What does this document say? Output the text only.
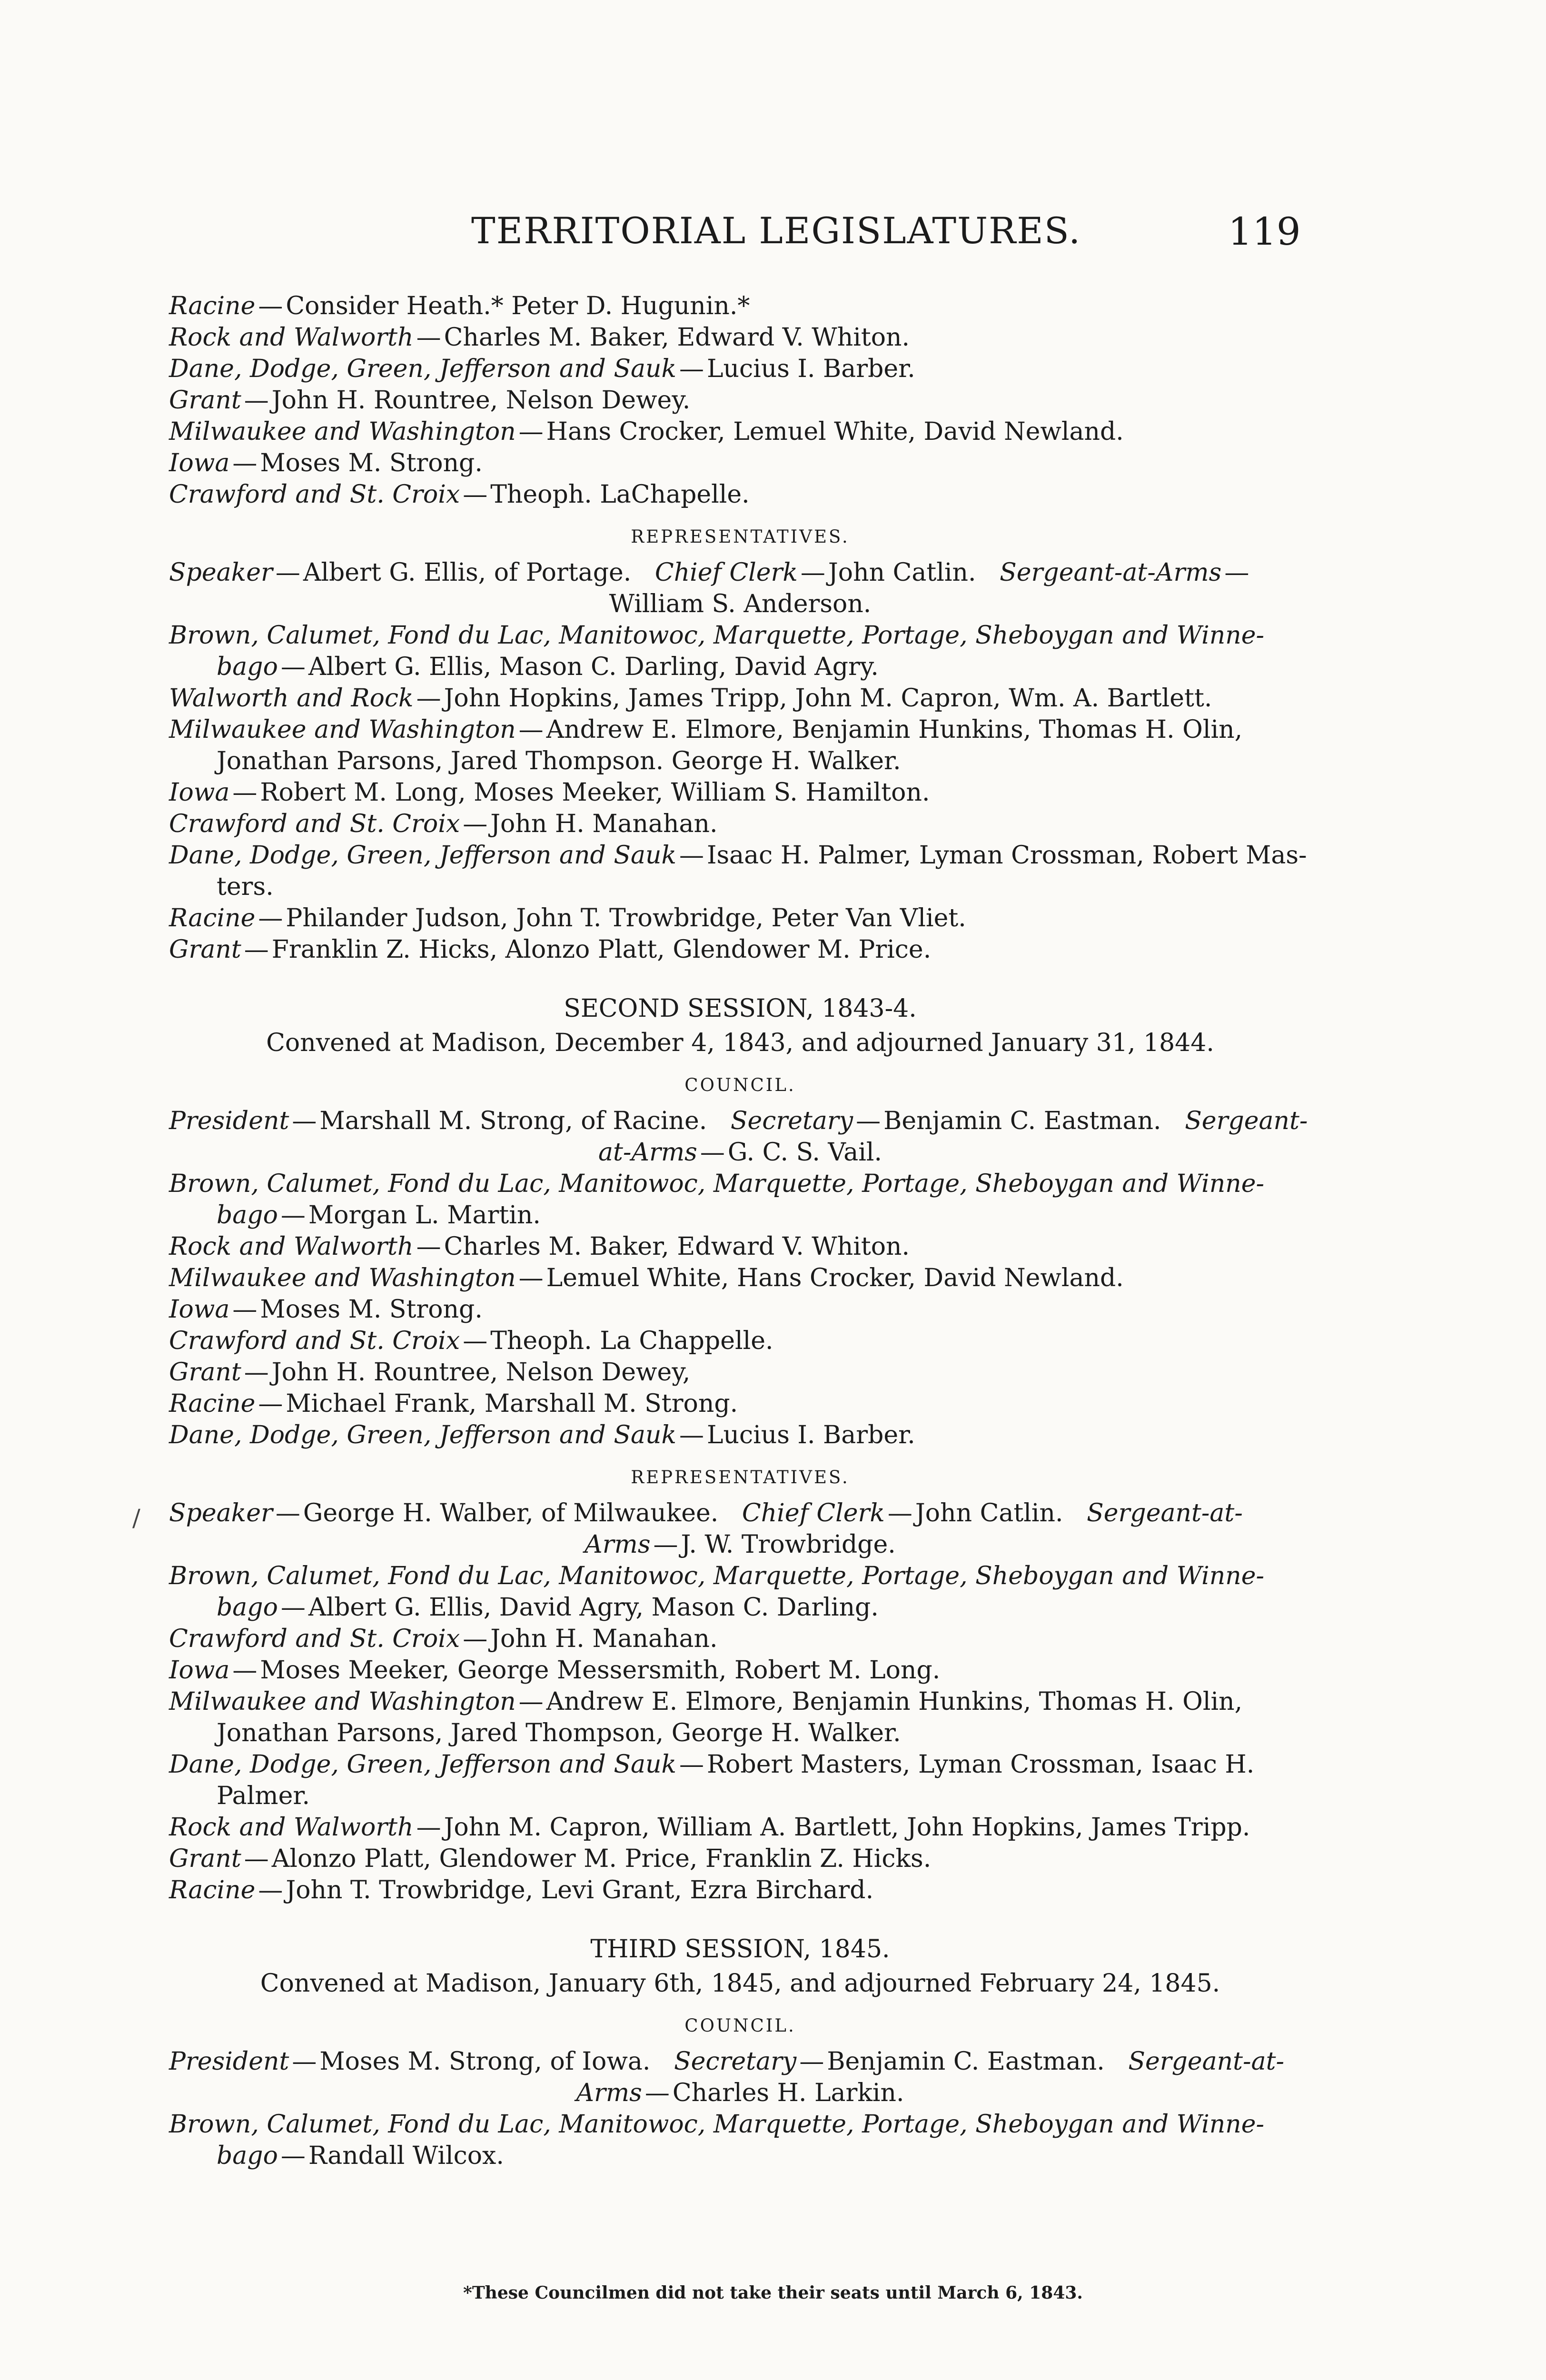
TERRITORIAL LEGISLATURES.	119

Racine — Consider Heath.* Peter D. Hugunin.*

Rock and Walworth — Charles M. Baker, Edward V. Whiton.

Dane, Dodge, Green, Jefferson and Sauk — Lucius I. Barber.

Grant — John H. Rountree, Nelson Dewey.

Milwaukee and Washington — Hans Crocker, Lemuel White, David Newland.

Iowa — Moses M. Strong.

Crawford and St. Croix — Theoph. LaChapelle.

REPRESENTATIVES.

Speaker — Albert G. Ellis, of Portage. Chief Clerk — John Catlin. Sergeant-at-Arms —

William S. Anderson.

Brown, Calumet, Fond du Lac, Manitowoc, Marquette, Portage, Sheboygan and Winne-

bago — Albert G. Ellis, Mason C. Darling, David Agry.

Walworth and Rock — John Hopkins, James Tripp, John M. Capron, Wm. A. Bartlett.

Milwaukee and Washington — Andrew E. Elmore, Benjamin Hunkins, Thomas H. Olin,

Jonathan Parsons, Jared Thompson. George H. Walker.

Iowa — Robert M. Long, Moses Meeker, William S. Hamilton.

Crawford and St. Croix — John H. Manahan.

Dane, Dodge, Green, Jefferson and Sauk — Isaac H. Palmer, Lyman Crossman, Robert Mas-

ters.

Racine — Philander Judson, John T. Trowbridge, Peter Van Vliet.

Grant — Franklin Z. Hicks, Alonzo Platt, Glendower M. Price.

SECOND SESSION, 1843-4.

Convened at Madison, December 4, 1843, and adjourned January 31, 1844.

COUNCIL.

President — Marshall M. Strong, of Racine. Secretary — Benjamin C. Eastman. Sergeant-

at-Arms — G. C. S. Vail.

Brown, Calumet, Fond du Lac, Manitowoc, Marquette, Portage, Sheboygan and Winne-

bago — Morgan L. Martin.

Rock and Walworth — Charles M. Baker, Edward V. Whiton.

Milwaukee and Washington — Lemuel White, Hans Crocker, David Newland.

Iowa — Moses M. Strong.

Crawford and St. Croix — Theoph. La Chappelle.

Grant — John H. Rountree, Nelson Dewey,

Racine — Michael Frank, Marshall M. Strong.

Dane, Dodge, Green, Jefferson and Sauk — Lucius I. Barber.

REPRESENTATIVES.

Speaker — George H. Walber, of Milwaukee. Chief Clerk — John Catlin. Sergeant-at-

Arms — J. W. Trowbridge.

Brown, Calumet, Fond du Lac, Manitowoc, Marquette, Portage, Sheboygan and Winne-

bago — Albert G. Ellis, David Agry, Mason C. Darling.

Crawford and St. Croix — John H. Manahan.

Iowa — Moses Meeker, George Messersmith, Robert M. Long.

Milwaukee and Washington — Andrew E. Elmore, Benjamin Hunkins, Thomas H. Olin,

Jonathan Parsons, Jared Thompson, George H. Walker.

Dane, Dodge, Green, Jefferson and Sauk — Robert Masters, Lyman Crossman, Isaac H.

Palmer.

Rock and Walworth — John M. Capron, William A. Bartlett, John Hopkins, James Tripp.

Grant — Alonzo Platt, Glendower M. Price, Franklin Z. Hicks.

Racine — John T. Trowbridge, Levi Grant, Ezra Birchard.

THIRD SESSION, 1845.

Convened at Madison, January 6th, 1845, and adjourned February 24, 1845.

COUNCIL.

President — Moses M. Strong, of Iowa. Secretary — Benjamin C. Eastman. Sergeant-at-

Arms — Charles H. Larkin.

Brown, Calumet, Fond du Lac, Manitowoc, Marquette, Portage, Sheboygan and Winne-

bago — Randall Wilcox.

/

*These Councilmen did not take their seats until March 6, 1843.
